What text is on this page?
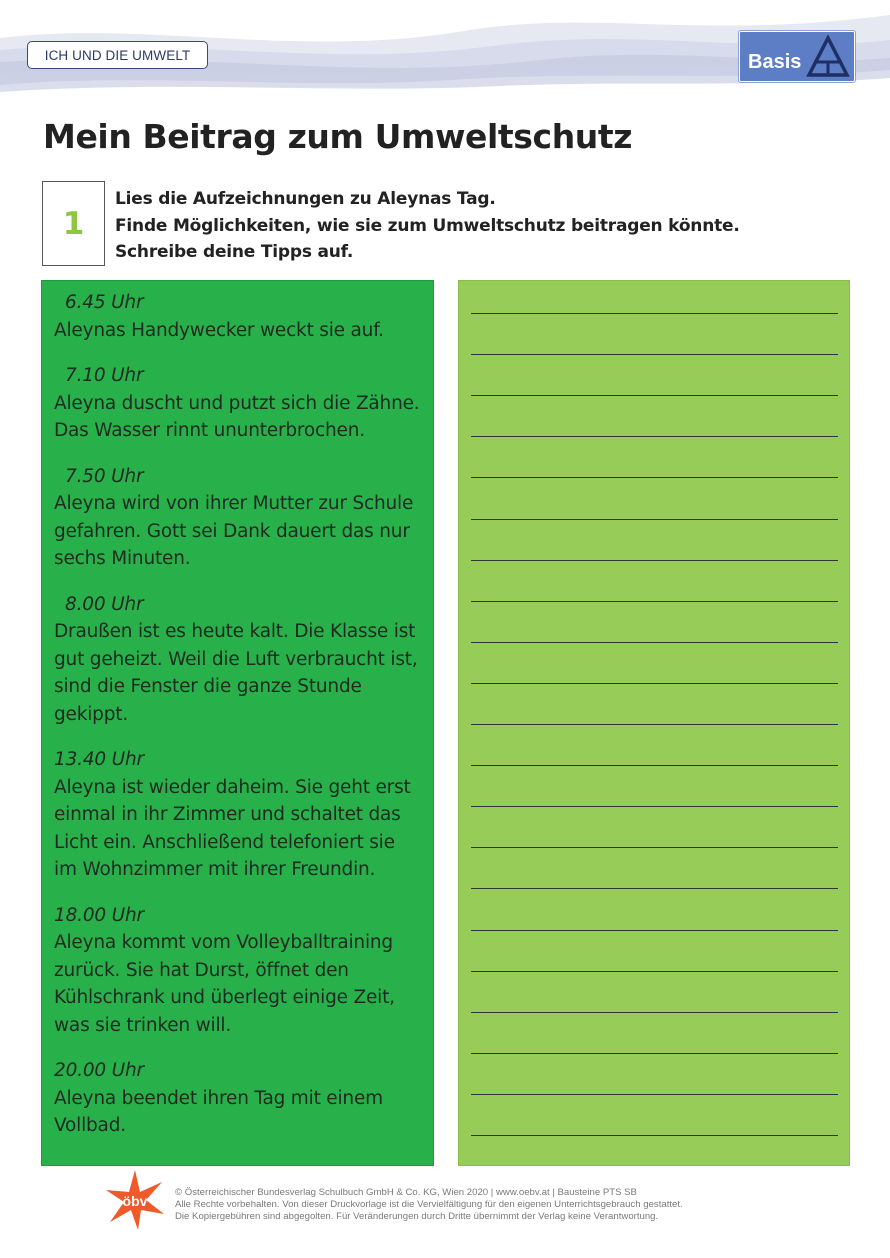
ICH UND DIE UMWELT	Basis
Mein Beitrag zum Umweltschutz
1
Lies die Aufzeichnungen zu Aleynas Tag.
Finde Möglichkeiten, wie sie zum Umweltschutz beitragen könnte.
Schreibe deine Tipps auf.
6.45 Uhr
Aleynas Handywecker weckt sie auf.
7.10 Uhr
Aleyna duscht und putzt sich die Zähne.
Das Wasser rinnt ununterbrochen.
7.50 Uhr
Aleyna wird von ihrer Mutter zur Schule
gefahren. Gott sei Dank dauert das nur
sechs Minuten.
8.00 Uhr
Draußen ist es heute kalt. Die Klasse ist
gut geheizt. Weil die Luft verbraucht ist,
sind die Fenster die ganze Stunde
gekippt.
13.40 Uhr
Aleyna ist wieder daheim. Sie geht erst
einmal in ihr Zimmer und schaltet das
Licht ein. Anschließend telefoniert sie
im Wohnzimmer mit ihrer Freundin.
18.00 Uhr
Aleyna kommt vom Volleyballtraining
zurück. Sie hat Durst, öffnet den
Kühlschrank und überlegt einige Zeit,
was sie trinken will.
20.00 Uhr
Aleyna beendet ihren Tag mit einem
Vollbad.
öbv
© Österreichischer Bundesverlag Schulbuch GmbH & Co. KG, Wien 2020 | www.oebv.at | Bausteine PTS SB
Alle Rechte vorbehalten. Von dieser Druckvorlage ist die Vervielfältigung für den eigenen Unterrichtsgebrauch gestattet.
Die Kopiergebühren sind abgegolten. Für Veränderungen durch Dritte übernimmt der Verlag keine Verantwortung.
